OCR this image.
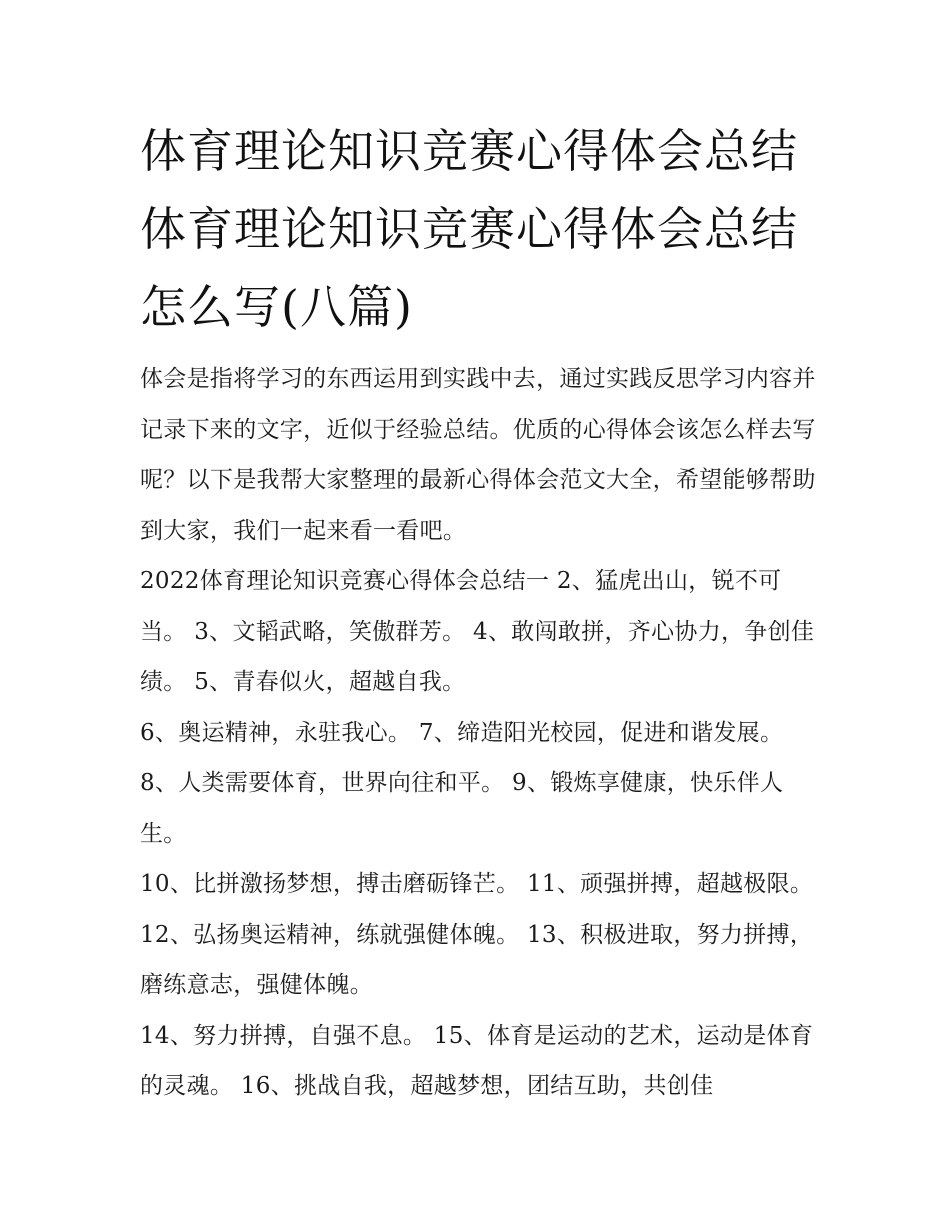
体育理论知识竞赛心得体会总结 体育理论知识竞赛心得体会总结怎么写(八篇)

体会是指将学习的东西运用到实践中去，通过实践反思学习内容并记录下来的文字，近似于经验总结。优质的心得体会该怎么样去写呢？以下是我帮大家整理的最新心得体会范文大全，希望能够帮助到大家，我们一起来看一看吧。

2022体育理论知识竞赛心得体会总结一 2、猛虎出山，锐不可当。 3、文韬武略，笑傲群芳。 4、敢闯敢拼，齐心协力，争创佳绩。 5、青春似火，超越自我。

6、奥运精神，永驻我心。 7、缔造阳光校园，促进和谐发展。 8、人类需要体育，世界向往和平。 9、锻炼享健康，快乐伴人生。

10、比拼激扬梦想，搏击磨砺锋芒。 11、顽强拼搏，超越极限。 12、弘扬奥运精神，练就强健体魄。 13、积极进取，努力拼搏，磨练意志，强健体魄。

14、努力拼搏，自强不息。 15、体育是运动的艺术，运动是体育的灵魂。 16、挑战自我，超越梦想，团结互助，共创佳
